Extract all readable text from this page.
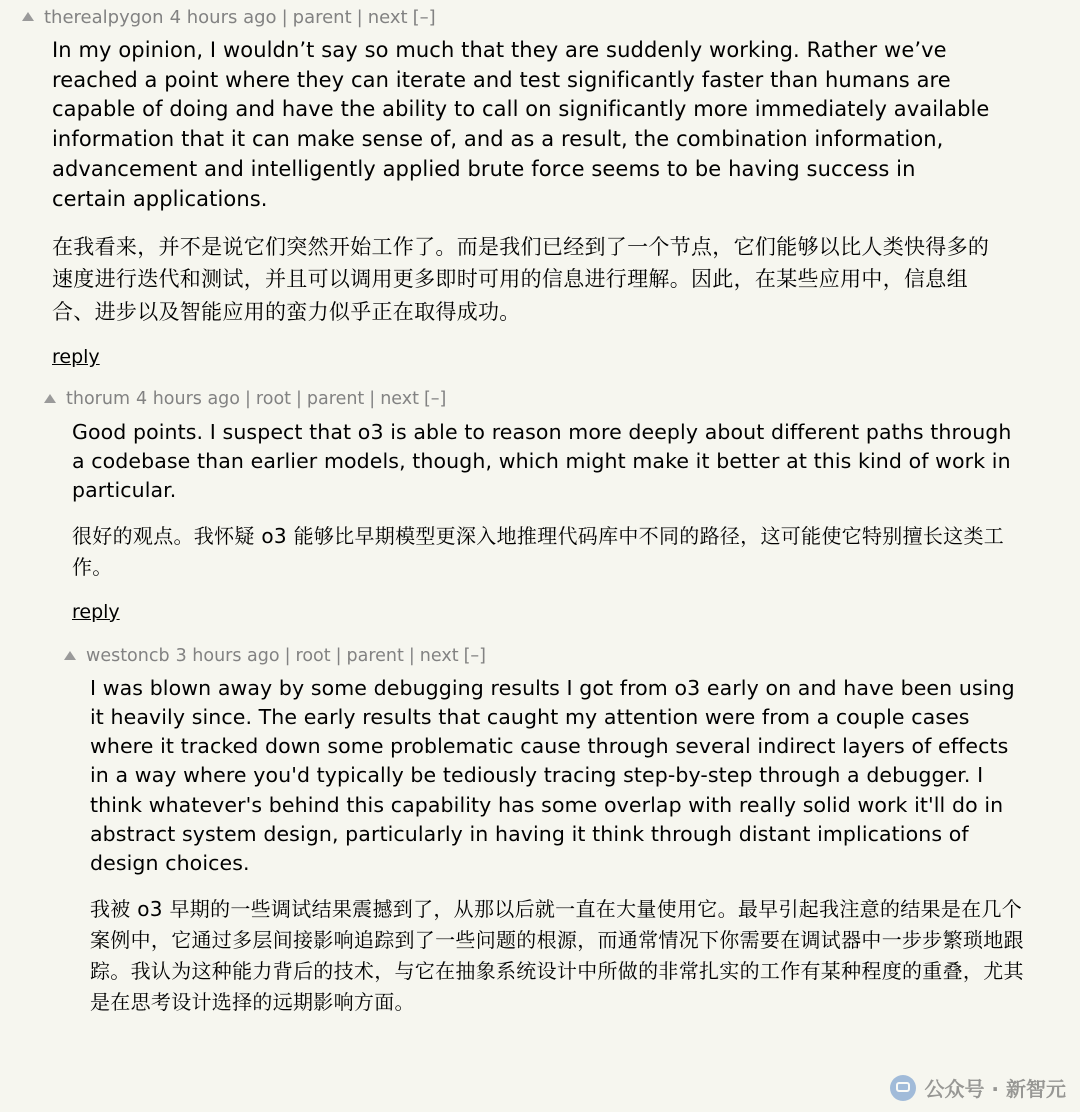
therealpygon 4 hours ago | parent | next [–]

In my opinion, I wouldn’t say so much that they are suddenly working. Rather we’ve reached a point where they can iterate and test significantly faster than humans are capable of doing and have the ability to call on significantly more immediately available information that it can make sense of, and as a result, the combination information, advancement and intelligently applied brute force seems to be having success in certain applications.

在我看来，并不是说它们突然开始工作了。而是我们已经到了一个节点，它们能够以比人类快得多的速度进行迭代和测试，并且可以调用更多即时可用的信息进行理解。因此，在某些应用中，信息组合、进步以及智能应用的蛮力似乎正在取得成功。

reply
thorum 4 hours ago | root | parent | next [–]

Good points. I suspect that o3 is able to reason more deeply about different paths through a codebase than earlier models, though, which might make it better at this kind of work in particular.

很好的观点。我怀疑 o3 能够比早期模型更深入地推理代码库中不同的路径，这可能使它特别擅长这类工作。

reply
westoncb 3 hours ago | root | parent | next [–]

I was blown away by some debugging results I got from o3 early on and have been using it heavily since. The early results that caught my attention were from a couple cases where it tracked down some problematic cause through several indirect layers of effects in a way where you'd typically be tediously tracing step-by-step through a debugger. I think whatever's behind this capability has some overlap with really solid work it'll do in abstract system design, particularly in having it think through distant implications of design choices.

我被 o3 早期的一些调试结果震撼到了，从那以后就一直在大量使用它。最早引起我注意的结果是在几个案例中，它通过多层间接影响追踪到了一些问题的根源，而通常情况下你需要在调试器中一步步繁琐地跟踪。我认为这种能力背后的技术，与它在抽象系统设计中所做的非常扎实的工作有某种程度的重叠，尤其是在思考设计选择的远期影响方面。

公众号 · 新智元
